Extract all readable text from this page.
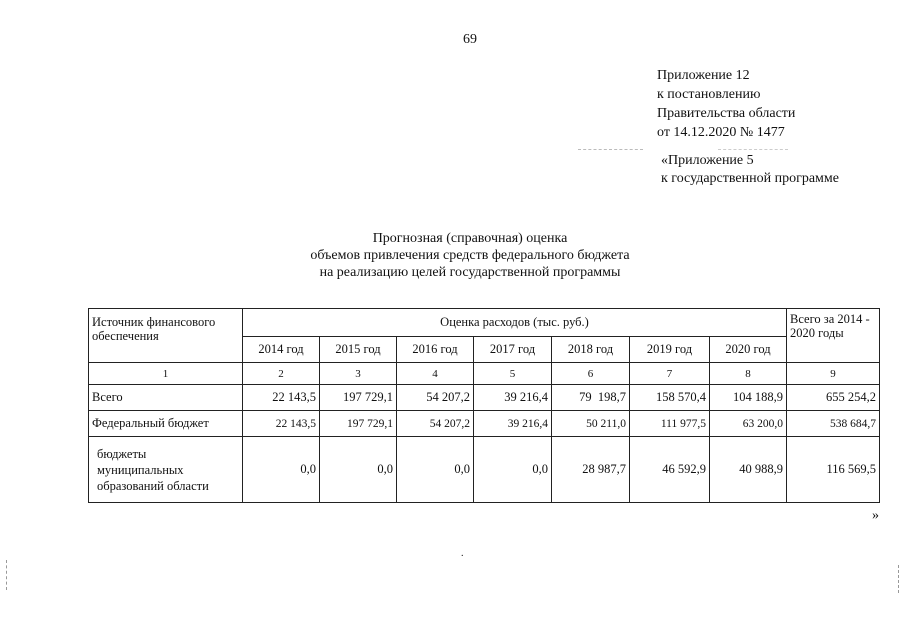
69
Приложение 12
к постановлению
Правительства области
от 14.12.2020 № 1477
«Приложение 5
к государственной программе
Прогнозная (справочная) оценка
объемов привлечения средств федерального бюджета
на реализацию целей государственной программы
Источник финансового обеспечения	Оценка расходов (тыс. руб.)							Всего за 2014 - 2020 годы
	2014 год	2015 год	2016 год	2017 год	2018 год	2019 год	2020 год	
1	2	3	4	5	6	7	8	9
Всего	22 143,5	197 729,1	54 207,2	39 216,4	79  198,7	158 570,4	104 188,9	655 254,2
Федеральный бюджет	22 143,5	197 729,1	54 207,2	39 216,4	50 211,0	111 977,5	63 200,0	538 684,7

бюджеты
муниципальных
образований области	0,0	0,0	0,0	0,0	28 987,7	46 592,9	40 988,9	116 569,5
»
.
